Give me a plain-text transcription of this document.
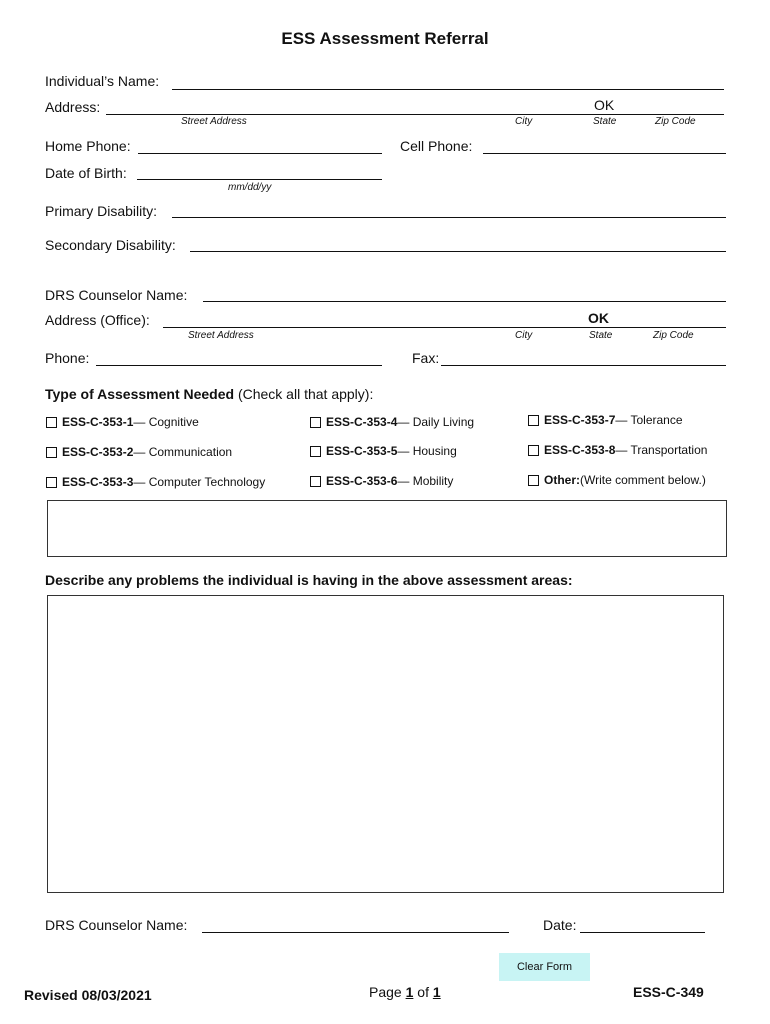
ESS Assessment Referral
Individual’s Name:
Address:	OK
Street Address	City	State	Zip Code
Home Phone:	Cell Phone:
Date of Birth:
mm/dd/yy
Primary Disability:
Secondary Disability:
DRS Counselor Name:
Address (Office):	OK
Street Address	City	State	Zip Code
Phone:	Fax:
Type of Assessment Needed (Check all that apply):
ESS-C-353-1 — Cognitive
ESS-C-353-2 — Communication
ESS-C-353-3 — Computer Technology
ESS-C-353-4 — Daily Living
ESS-C-353-5 — Housing
ESS-C-353-6 — Mobility
ESS-C-353-7 — Tolerance
ESS-C-353-8 — Transportation
Other: (Write comment below.)
Describe any problems the individual is having in the above assessment areas:
DRS Counselor Name:	Date:
Clear Form
Revised 08/03/2021	Page 1 of 1	ESS-C-349
